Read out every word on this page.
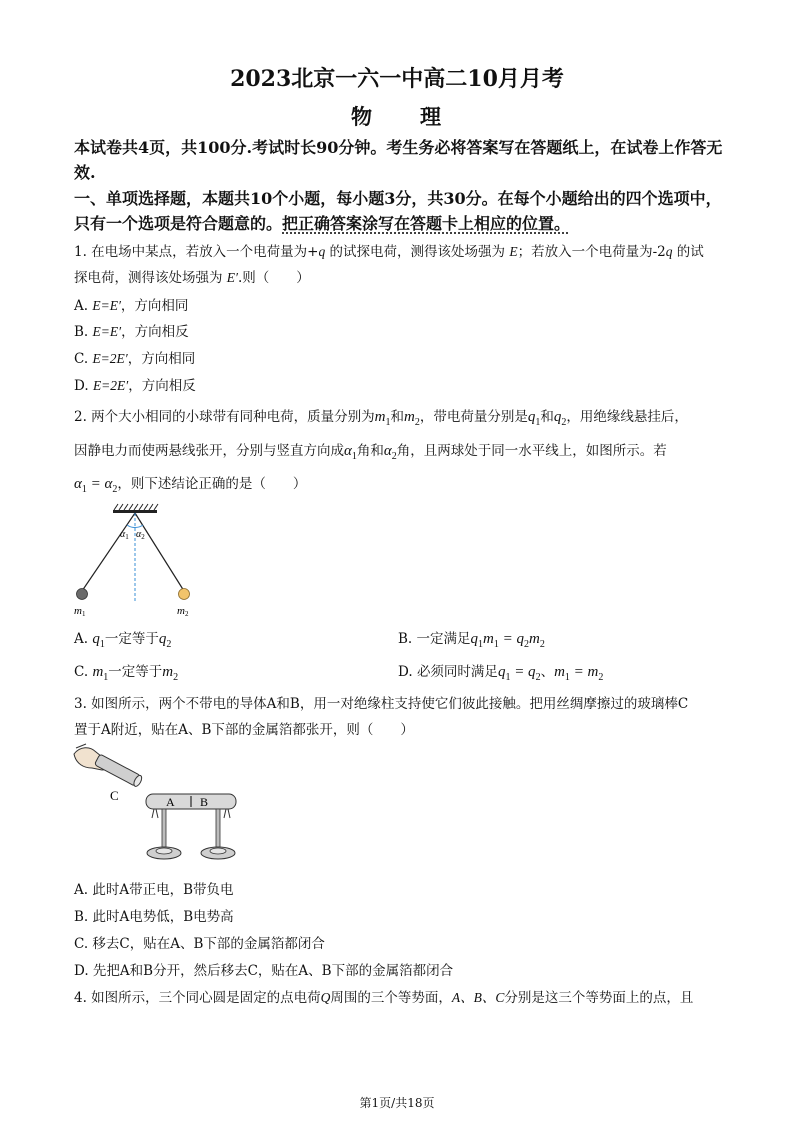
2023北京一六一中高二10月月考
物　　理
本试卷共4页，共100分.考试时长90分钟。考生务必将答案写在答题纸上，在试卷上作答无
效.
一、单项选择题，本题共10个小题，每小题3分，共30分。在每个小题给出的四个选项中，
只有一个选项是符合题意的。把正确答案涂写在答题卡上相应的位置。
1. 在电场中某点，若放入一个电荷量为+q 的试探电荷，测得该处场强为 E；若放入一个电荷量为-2q 的试
探电荷，测得该处场强为 E′.则（　　）
A. E=E′，方向相同
B. E=E′，方向相反
C. E=2E′，方向相同
D. E=2E′，方向相反
2. 两个大小相同的小球带有同种电荷，质量分别为$m_1$和$m_2$，带电荷量分别是$q_1$和$q_2$，用绝缘线悬挂后，
因静电力而使两悬线张开，分别与竖直方向成$\alpha_1$角和$\alpha_2$角，且两球处于同一水平线上，如图所示。若
$\alpha_1 = \alpha_2$，则下述结论正确的是（　　）
$\alpha_1$ $\alpha_2$
m1	m2
A. $q_1$一定等于$q_2$	B. 一定满足$q_1m_1 = q_2m_2$
C. $m_1$一定等于$m_2$	D. 必须同时满足$q_1 = q_2$、$m_1 = m_2$
3. 如图所示，两个不带电的导体A和B，用一对绝缘柱支持使它们彼此接触。把用丝绸摩擦过的玻璃棒C
置于A附近，贴在A、B下部的金属箔都张开，则（　　）
C	A B
A. 此时A带正电，B带负电
B. 此时A电势低，B电势高
C. 移去C，贴在A、B下部的金属箔都闭合
D. 先把A和B分开，然后移去C，贴在A、B下部的金属箔都闭合
4. 如图所示，三个同心圆是固定的点电荷Q周围的三个等势面，A、B、C分别是这三个等势面上的点，且
第1页/共18页
